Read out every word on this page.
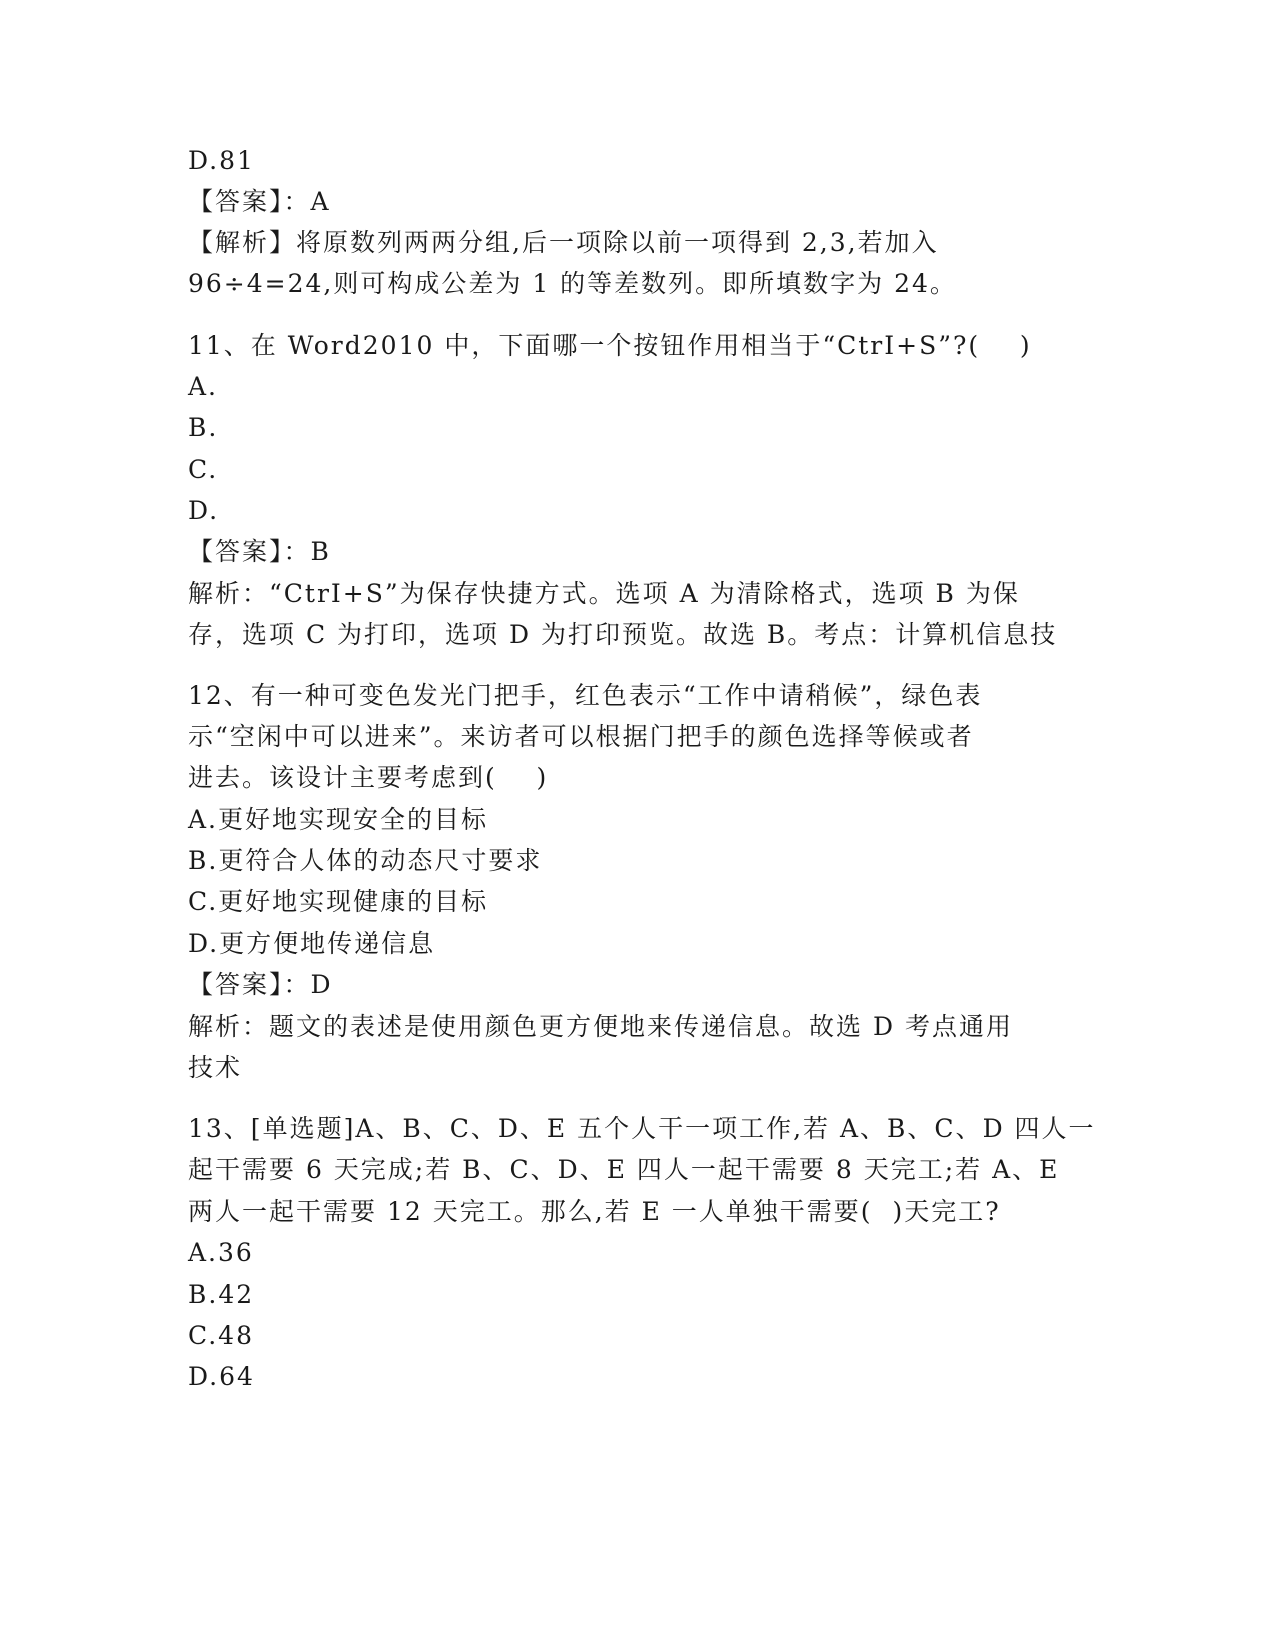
D.81
【答案】：A
【解析】将原数列两两分组,后一项除以前一项得到 2,3,若加入
96÷4=24,则可构成公差为 1 的等差数列。即所填数字为 24。
11、在 Word2010 中，下面哪一个按钮作用相当于“CtrI+S”?(    )
A.
B.
C.
D.
【答案】：B
解析：“CtrI+S”为保存快捷方式。选项 A 为清除格式，选项 B 为保
存，选项 C 为打印，选项 D 为打印预览。故选 B。考点：计算机信息技
12、有一种可变色发光门把手，红色表示“工作中请稍候”，绿色表
示“空闲中可以进来”。来访者可以根据门把手的颜色选择等候或者
进去。该设计主要考虑到(    )
A.更好地实现安全的目标
B.更符合人体的动态尺寸要求
C.更好地实现健康的目标
D.更方便地传递信息
【答案】：D
解析：题文的表述是使用颜色更方便地来传递信息。故选 D 考点通用
技术
13、[单选题]A、B、C、D、E 五个人干一项工作,若 A、B、C、D 四人一
起干需要 6 天完成;若 B、C、D、E 四人一起干需要 8 天完工;若 A、E
两人一起干需要 12 天完工。那么,若 E 一人单独干需要(  )天完工?
A.36
B.42
C.48
D.64
